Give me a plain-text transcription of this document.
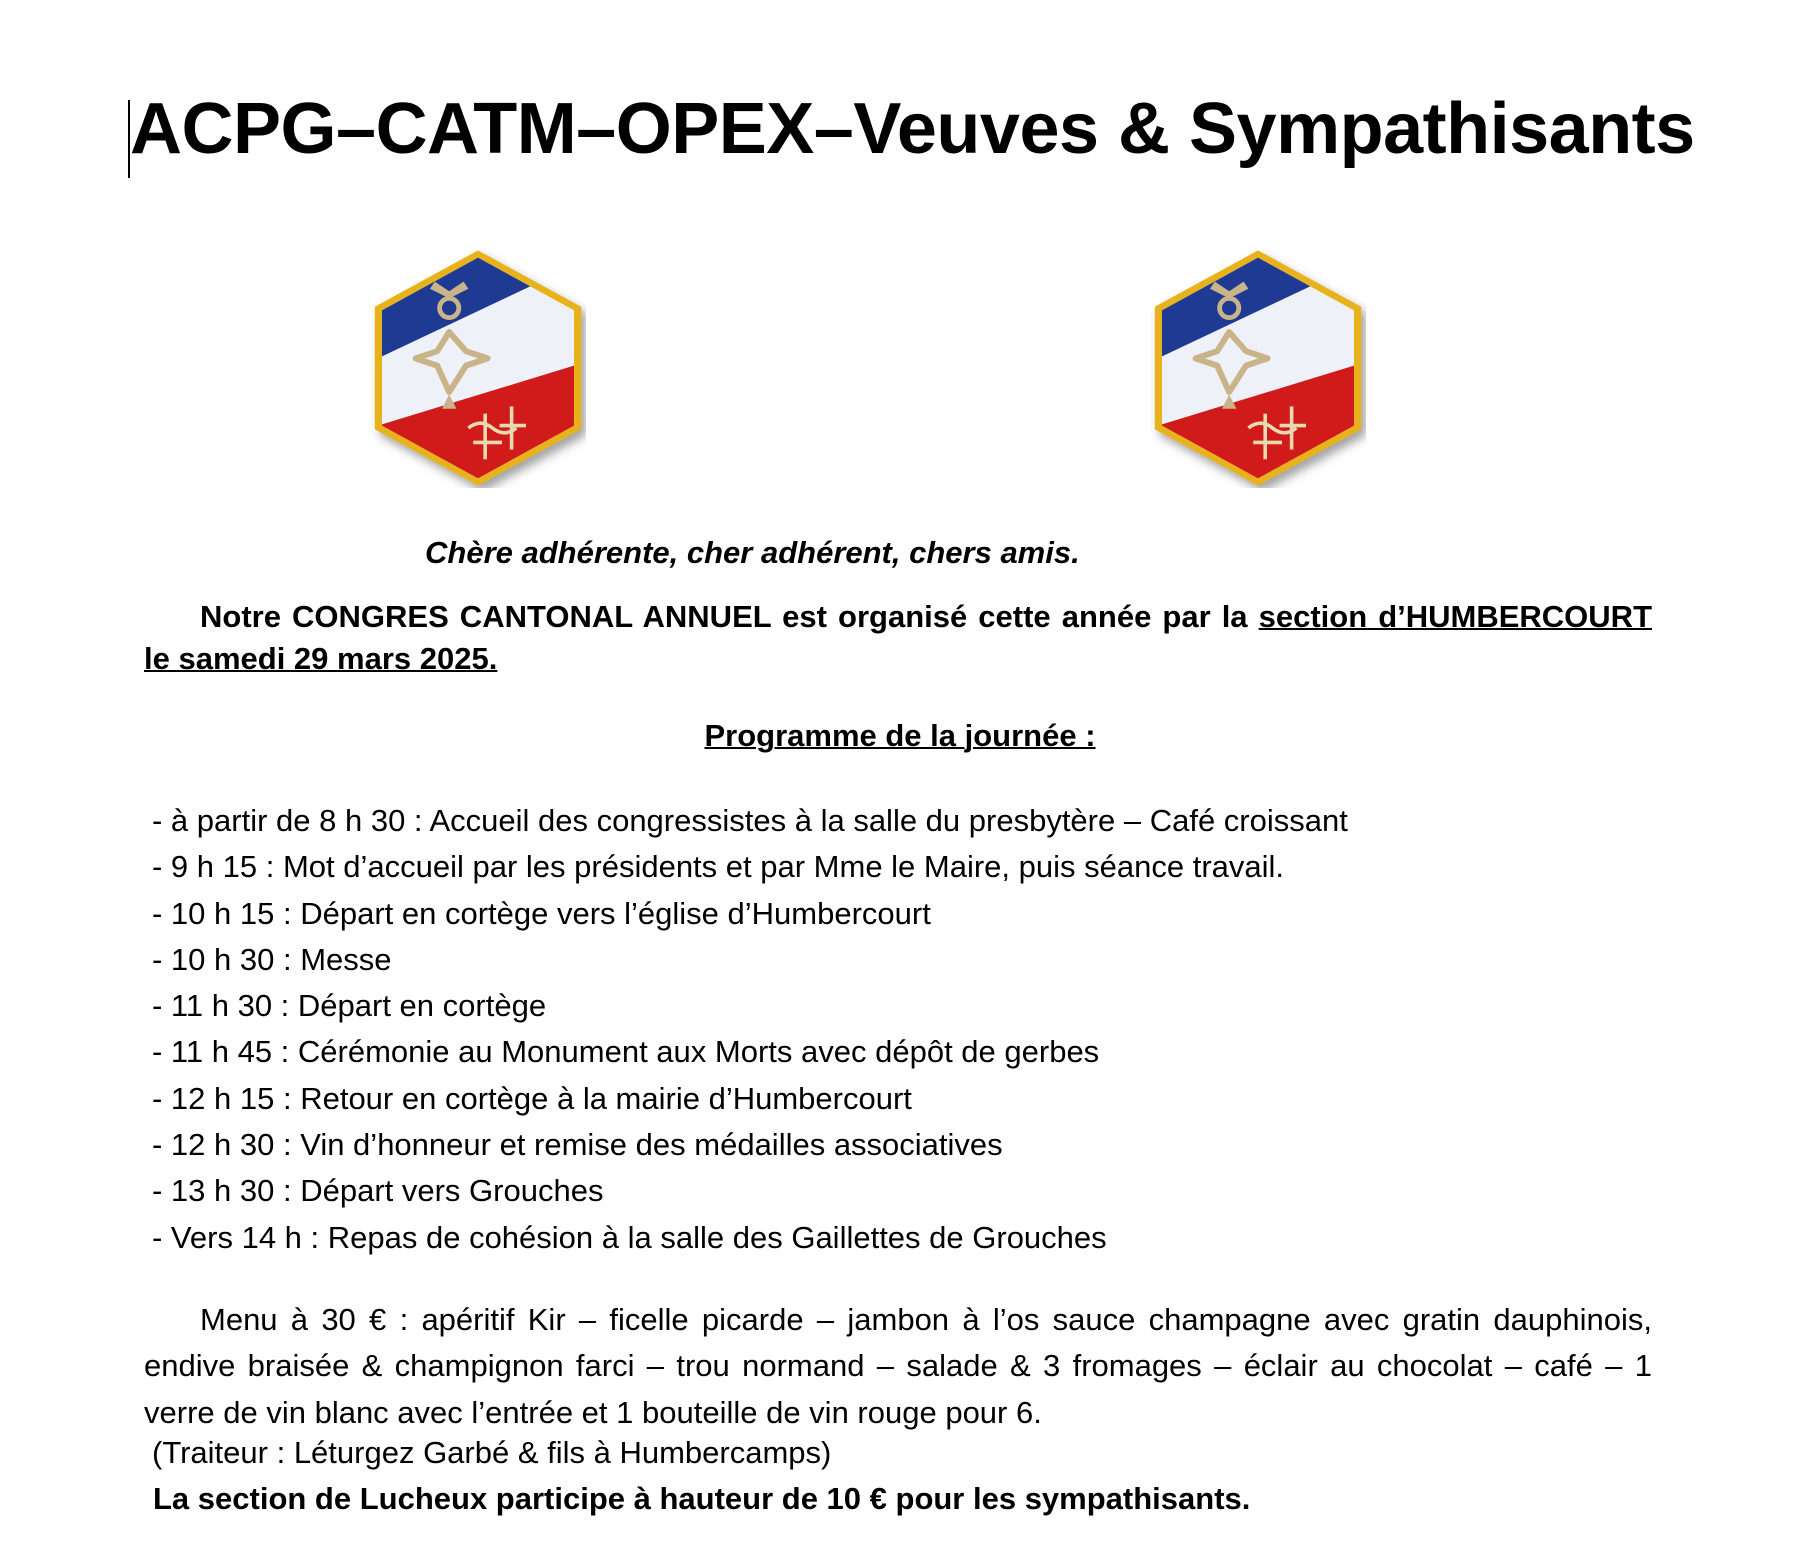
ACPG–CATM–OPEX–Veuves & Sympathisants

Chère adhérente, cher adhérent, chers amis.

Notre CONGRES CANTONAL ANNUEL est organisé cette année par la section d’HUMBERCOURT le samedi 29 mars 2025.

Programme de la journée :

- à partir de 8 h 30 : Accueil des congressistes à la salle du presbytère – Café croissant
- 9 h 15 : Mot d’accueil par les présidents et par Mme le Maire, puis séance travail.
- 10 h 15 : Départ en cortège vers l’église d’Humbercourt
- 10 h 30 : Messe
- 11 h 30 : Départ en cortège
- 11 h 45 : Cérémonie au Monument aux Morts avec dépôt de gerbes
- 12 h 15 : Retour en cortège à la mairie d’Humbercourt
- 12 h 30 : Vin d’honneur et remise des médailles associatives
- 13 h 30 : Départ vers Grouches
- Vers 14 h : Repas de cohésion à la salle des Gaillettes de Grouches

Menu à 30 € : apéritif Kir – ficelle picarde – jambon à l’os sauce champagne avec gratin dauphinois, endive braisée & champignon farci – trou normand – salade & 3 fromages – éclair au chocolat – café – 1 verre de vin blanc avec l’entrée et 1 bouteille de vin rouge pour 6.

(Traiteur : Léturgez Garbé & fils à Humbercamps)

La section de Lucheux participe à hauteur de 10 € pour les sympathisants.
